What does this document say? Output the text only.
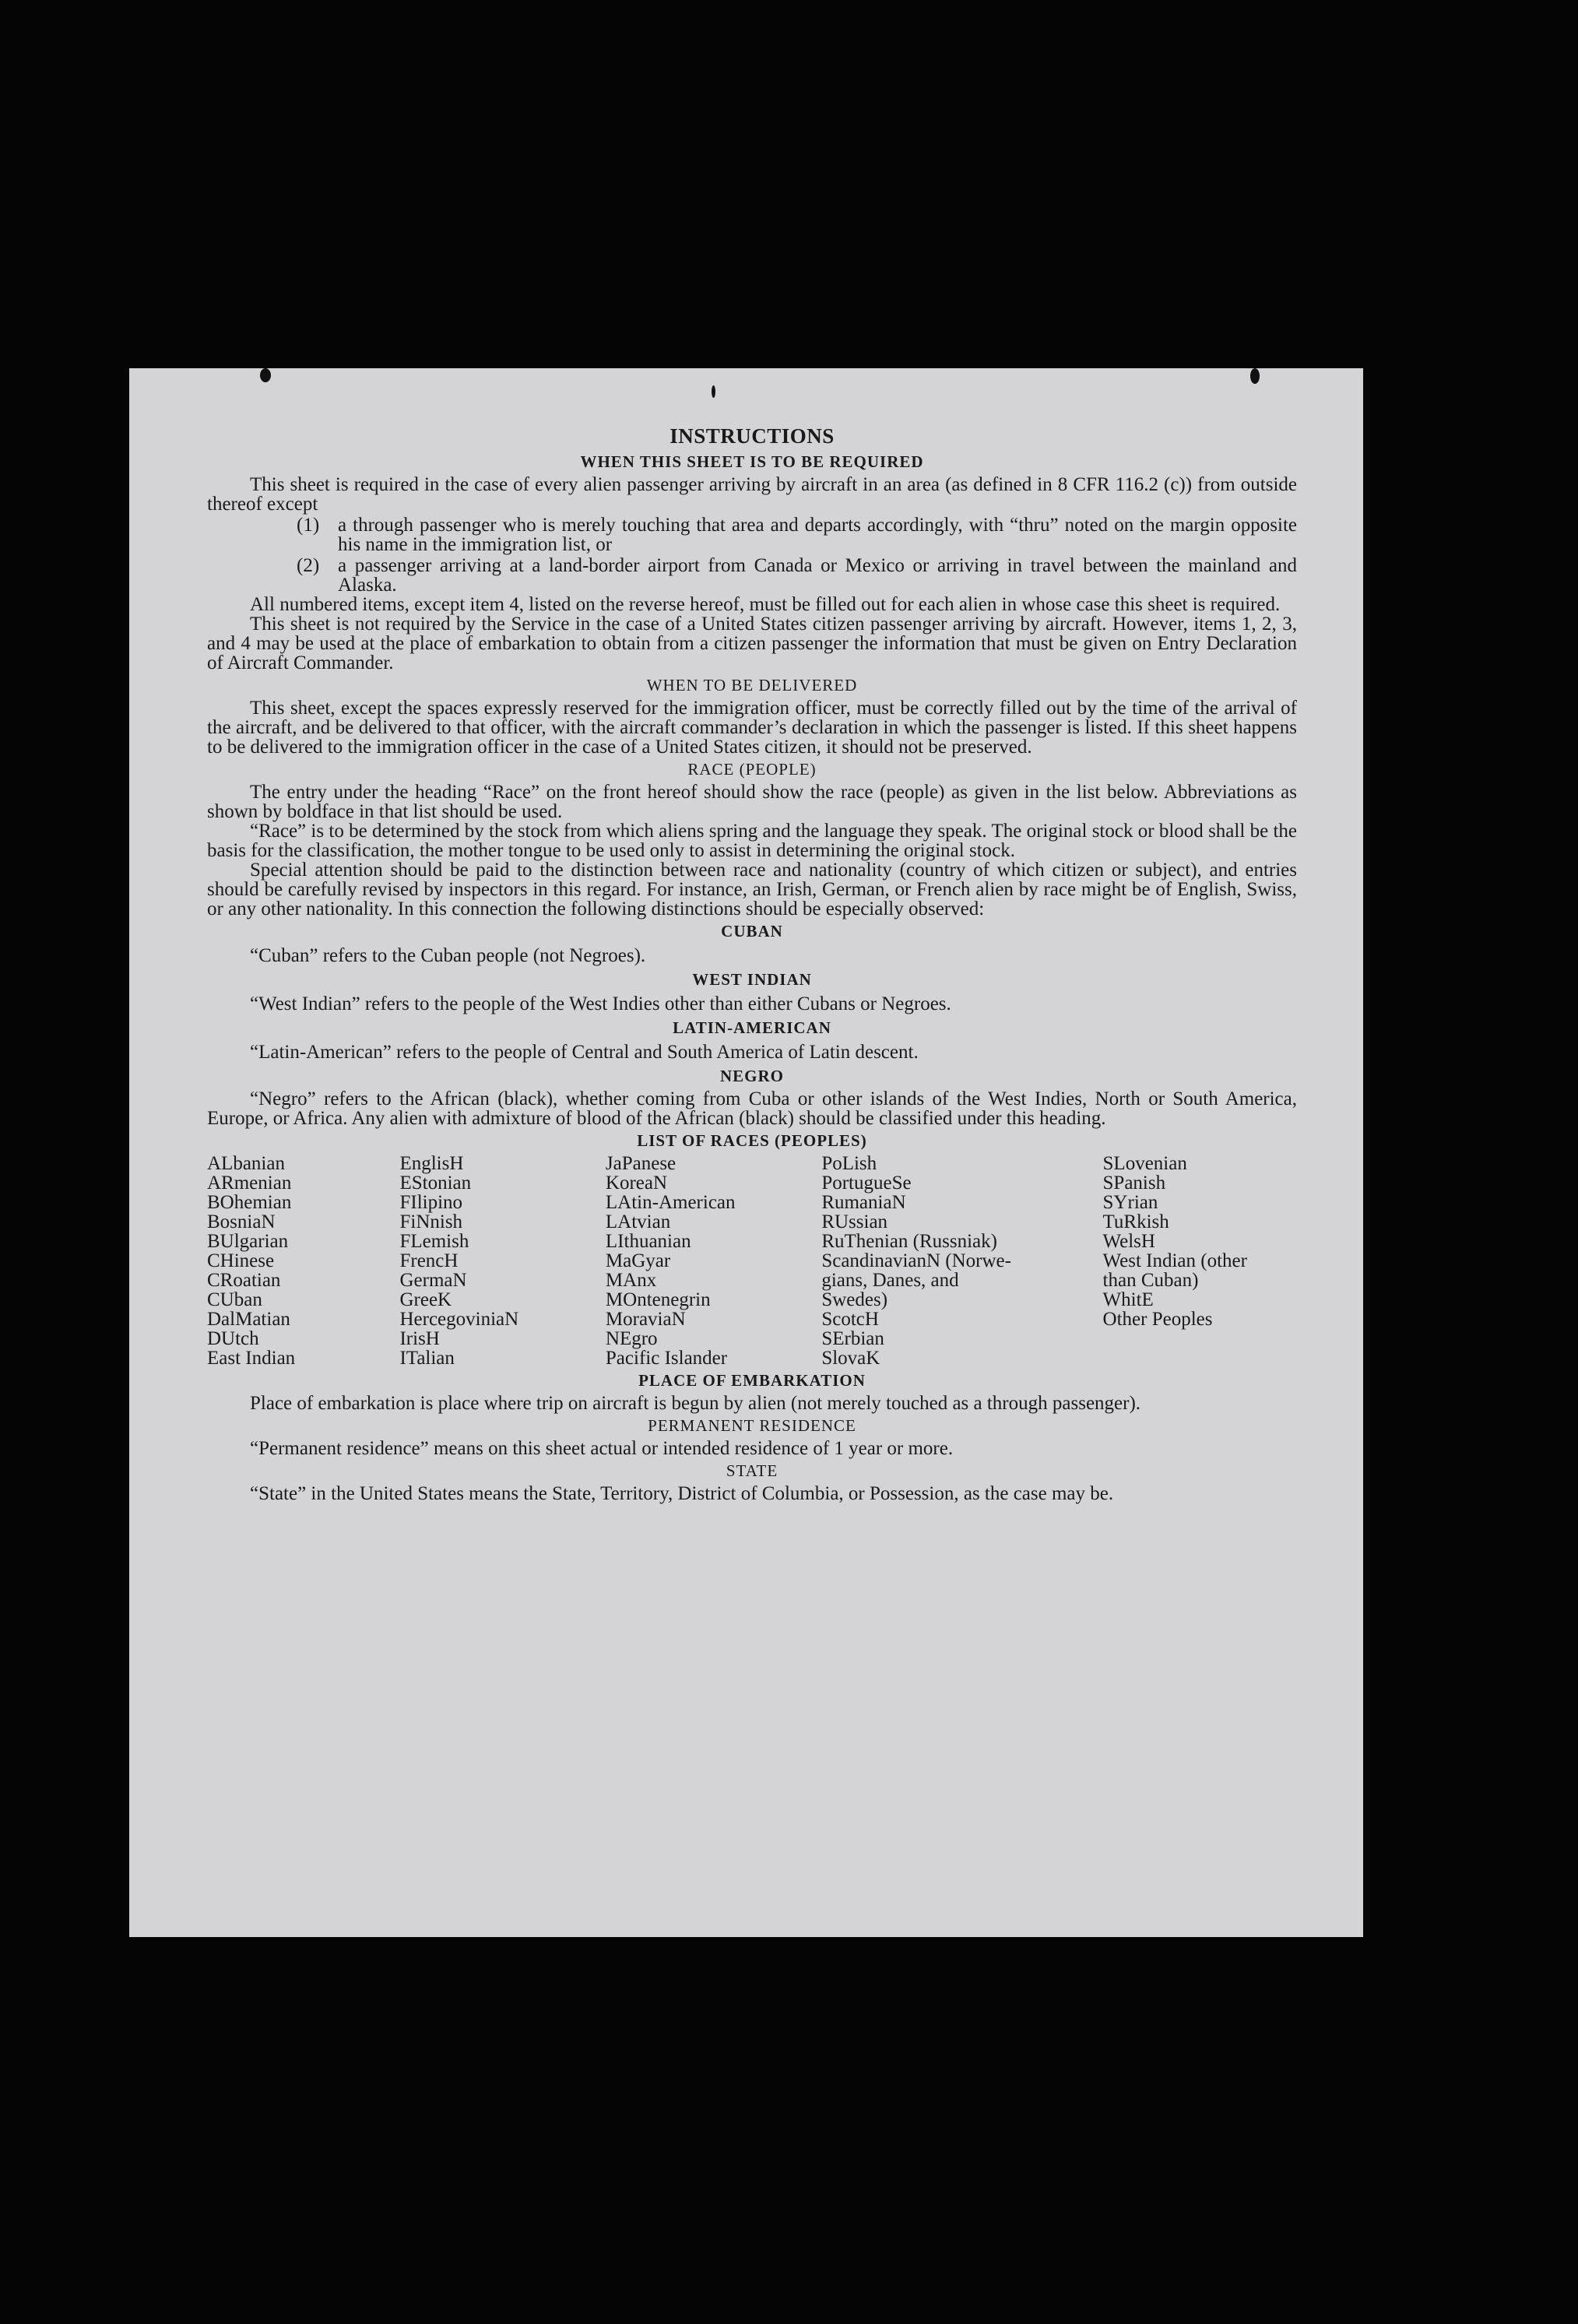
INSTRUCTIONS
WHEN THIS SHEET IS TO BE REQUIRED

This sheet is required in the case of every alien passenger arriving by aircraft in an area (as defined in 8 CFR 116.2 (c)) from outside thereof except

(1) a through passenger who is merely touching that area and departs accordingly, with “thru” noted on the margin opposite his name in the immigration list, or
(2) a passenger arriving at a land-border airport from Canada or Mexico or arriving in travel between the mainland and Alaska.

All numbered items, except item 4, listed on the reverse hereof, must be filled out for each alien in whose case this sheet is required.

This sheet is not required by the Service in the case of a United States citizen passenger arriving by aircraft. However, items 1, 2, 3, and 4 may be used at the place of embarkation to obtain from a citizen passenger the information that must be given on Entry Declaration of Aircraft Commander.

WHEN TO BE DELIVERED

This sheet, except the spaces expressly reserved for the immigration officer, must be correctly filled out by the time of the arrival of the aircraft, and be delivered to that officer, with the aircraft commander’s declaration in which the passenger is listed. If this sheet happens to be delivered to the immigration officer in the case of a United States citizen, it should not be preserved.

RACE (PEOPLE)

The entry under the heading “Race” on the front hereof should show the race (people) as given in the list below. Abbreviations as shown by boldface in that list should be used.

“Race” is to be determined by the stock from which aliens spring and the language they speak. The original stock or blood shall be the basis for the classification, the mother tongue to be used only to assist in determining the original stock.

Special attention should be paid to the distinction between race and nationality (country of which citizen or subject), and entries should be carefully revised by inspectors in this regard. For instance, an Irish, German, or French alien by race might be of English, Swiss, or any other nationality. In this connection the following distinctions should be especially observed:

CUBAN
“Cuban” refers to the Cuban people (not Negroes).
WEST INDIAN
“West Indian” refers to the people of the West Indies other than either Cubans or Negroes.
LATIN-AMERICAN
“Latin-American” refers to the people of Central and South America of Latin descent.
NEGRO

“Negro” refers to the African (black), whether coming from Cuba or other islands of the West Indies, North or South America, Europe, or Africa. Any alien with admixture of blood of the African (black) should be classified under this heading.

LIST OF RACES (PEOPLES)
ALbanian
ARmenian
BOhemian
BosniaN
BUlgarian
CHinese
CRoatian
CUban
DalMatian
DUtch
East Indian
EnglisH
EStonian
FIlipino
FiNnish
FLemish
FrencH
GermaN
GreeK
HercegoviniaN
IrisH
ITalian
JaPanese
KoreaN
LAtin-American
LAtvian
LIthuanian
MaGyar
MAnx
MOntenegrin
MoraviaN
NEgro
Pacific Islander
PoLish
PortugueSe
RumaniaN
RUssian
RuThenian (Russniak)
ScandinavianN (Norwe-
gians, Danes, and
Swedes)
ScotcH
SErbian
SlovaK
SLovenian
SPanish
SYrian
TuRkish
WelsH
West Indian (other
than Cuban)
WhitE
Other Peoples
PLACE OF EMBARKATION

Place of embarkation is place where trip on aircraft is begun by alien (not merely touched as a through passenger).

PERMANENT RESIDENCE

“Permanent residence” means on this sheet actual or intended residence of 1 year or more.

STATE

“State” in the United States means the State, Territory, District of Columbia, or Possession, as the case may be.
